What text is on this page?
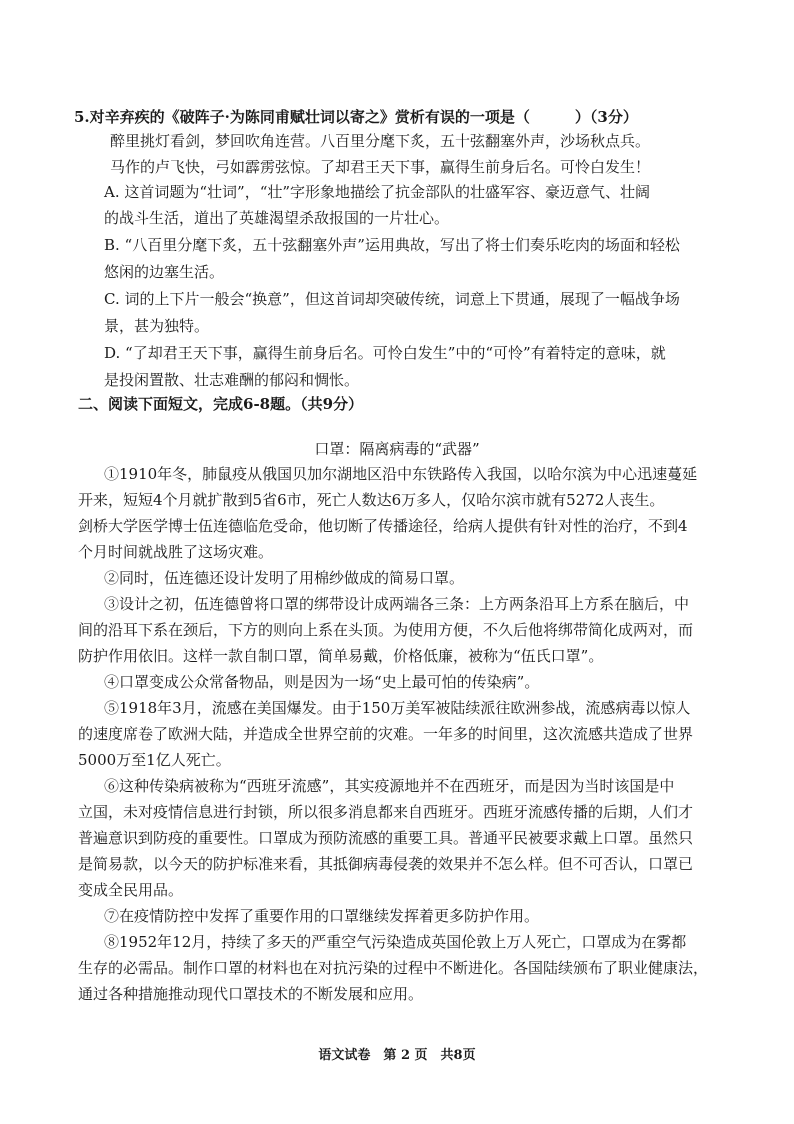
5.对辛弃疾的《破阵子·为陈同甫赋壮词以寄之》赏析有误的一项是（　　　）（3分）
醉里挑灯看剑，梦回吹角连营。八百里分麾下炙，五十弦翻塞外声，沙场秋点兵。
马作的卢飞快，弓如霹雳弦惊。了却君王天下事，赢得生前身后名。可怜白发生！
A. 这首词题为“壮词”，“壮”字形象地描绘了抗金部队的壮盛军容、豪迈意气、壮阔
的战斗生活，道出了英雄渴望杀敌报国的一片壮心。
B. “八百里分麾下炙，五十弦翻塞外声”运用典故，写出了将士们奏乐吃肉的场面和轻松
悠闲的边塞生活。
C. 词的上下片一般会“换意”，但这首词却突破传统，词意上下贯通，展现了一幅战争场
景，甚为独特。
D. “了却君王天下事，赢得生前身后名。可怜白发生”中的“可怜”有着特定的意味，就
是投闲置散、壮志难酬的郁闷和惆怅。
二、阅读下面短文，完成6-8题。（共9分）
口罩：隔离病毒的“武器”
①1910年冬，肺鼠疫从俄国贝加尔湖地区沿中东铁路传入我国，以哈尔滨为中心迅速蔓延
开来，短短4个月就扩散到5省6市，死亡人数达6万多人，仅哈尔滨市就有5272人丧生。
剑桥大学医学博士伍连德临危受命，他切断了传播途径，给病人提供有针对性的治疗，不到4
个月时间就战胜了这场灾难。
②同时，伍连德还设计发明了用棉纱做成的简易口罩。
③设计之初，伍连德曾将口罩的绑带设计成两端各三条：上方两条沿耳上方系在脑后，中
间的沿耳下系在颈后，下方的则向上系在头顶。为使用方便，不久后他将绑带简化成两对，而
防护作用依旧。这样一款自制口罩，简单易戴，价格低廉，被称为“伍氏口罩”。
④口罩变成公众常备物品，则是因为一场“史上最可怕的传染病”。
⑤1918年3月，流感在美国爆发。由于150万美军被陆续派往欧洲参战，流感病毒以惊人
的速度席卷了欧洲大陆，并造成全世界空前的灾难。一年多的时间里，这次流感共造成了世界
5000万至1亿人死亡。
⑥这种传染病被称为“西班牙流感”，其实疫源地并不在西班牙，而是因为当时该国是中
立国，未对疫情信息进行封锁，所以很多消息都来自西班牙。西班牙流感传播的后期，人们才
普遍意识到防疫的重要性。口罩成为预防流感的重要工具。普通平民被要求戴上口罩。虽然只
是简易款，以今天的防护标准来看，其抵御病毒侵袭的效果并不怎么样。但不可否认，口罩已
变成全民用品。
⑦在疫情防控中发挥了重要作用的口罩继续发挥着更多防护作用。
⑧1952年12月，持续了多天的严重空气污染造成英国伦敦上万人死亡，口罩成为在雾都
生存的必需品。制作口罩的材料也在对抗污染的过程中不断进化。各国陆续颁布了职业健康法，
通过各种措施推动现代口罩技术的不断发展和应用。
语文试卷　第 2 页　共8页
